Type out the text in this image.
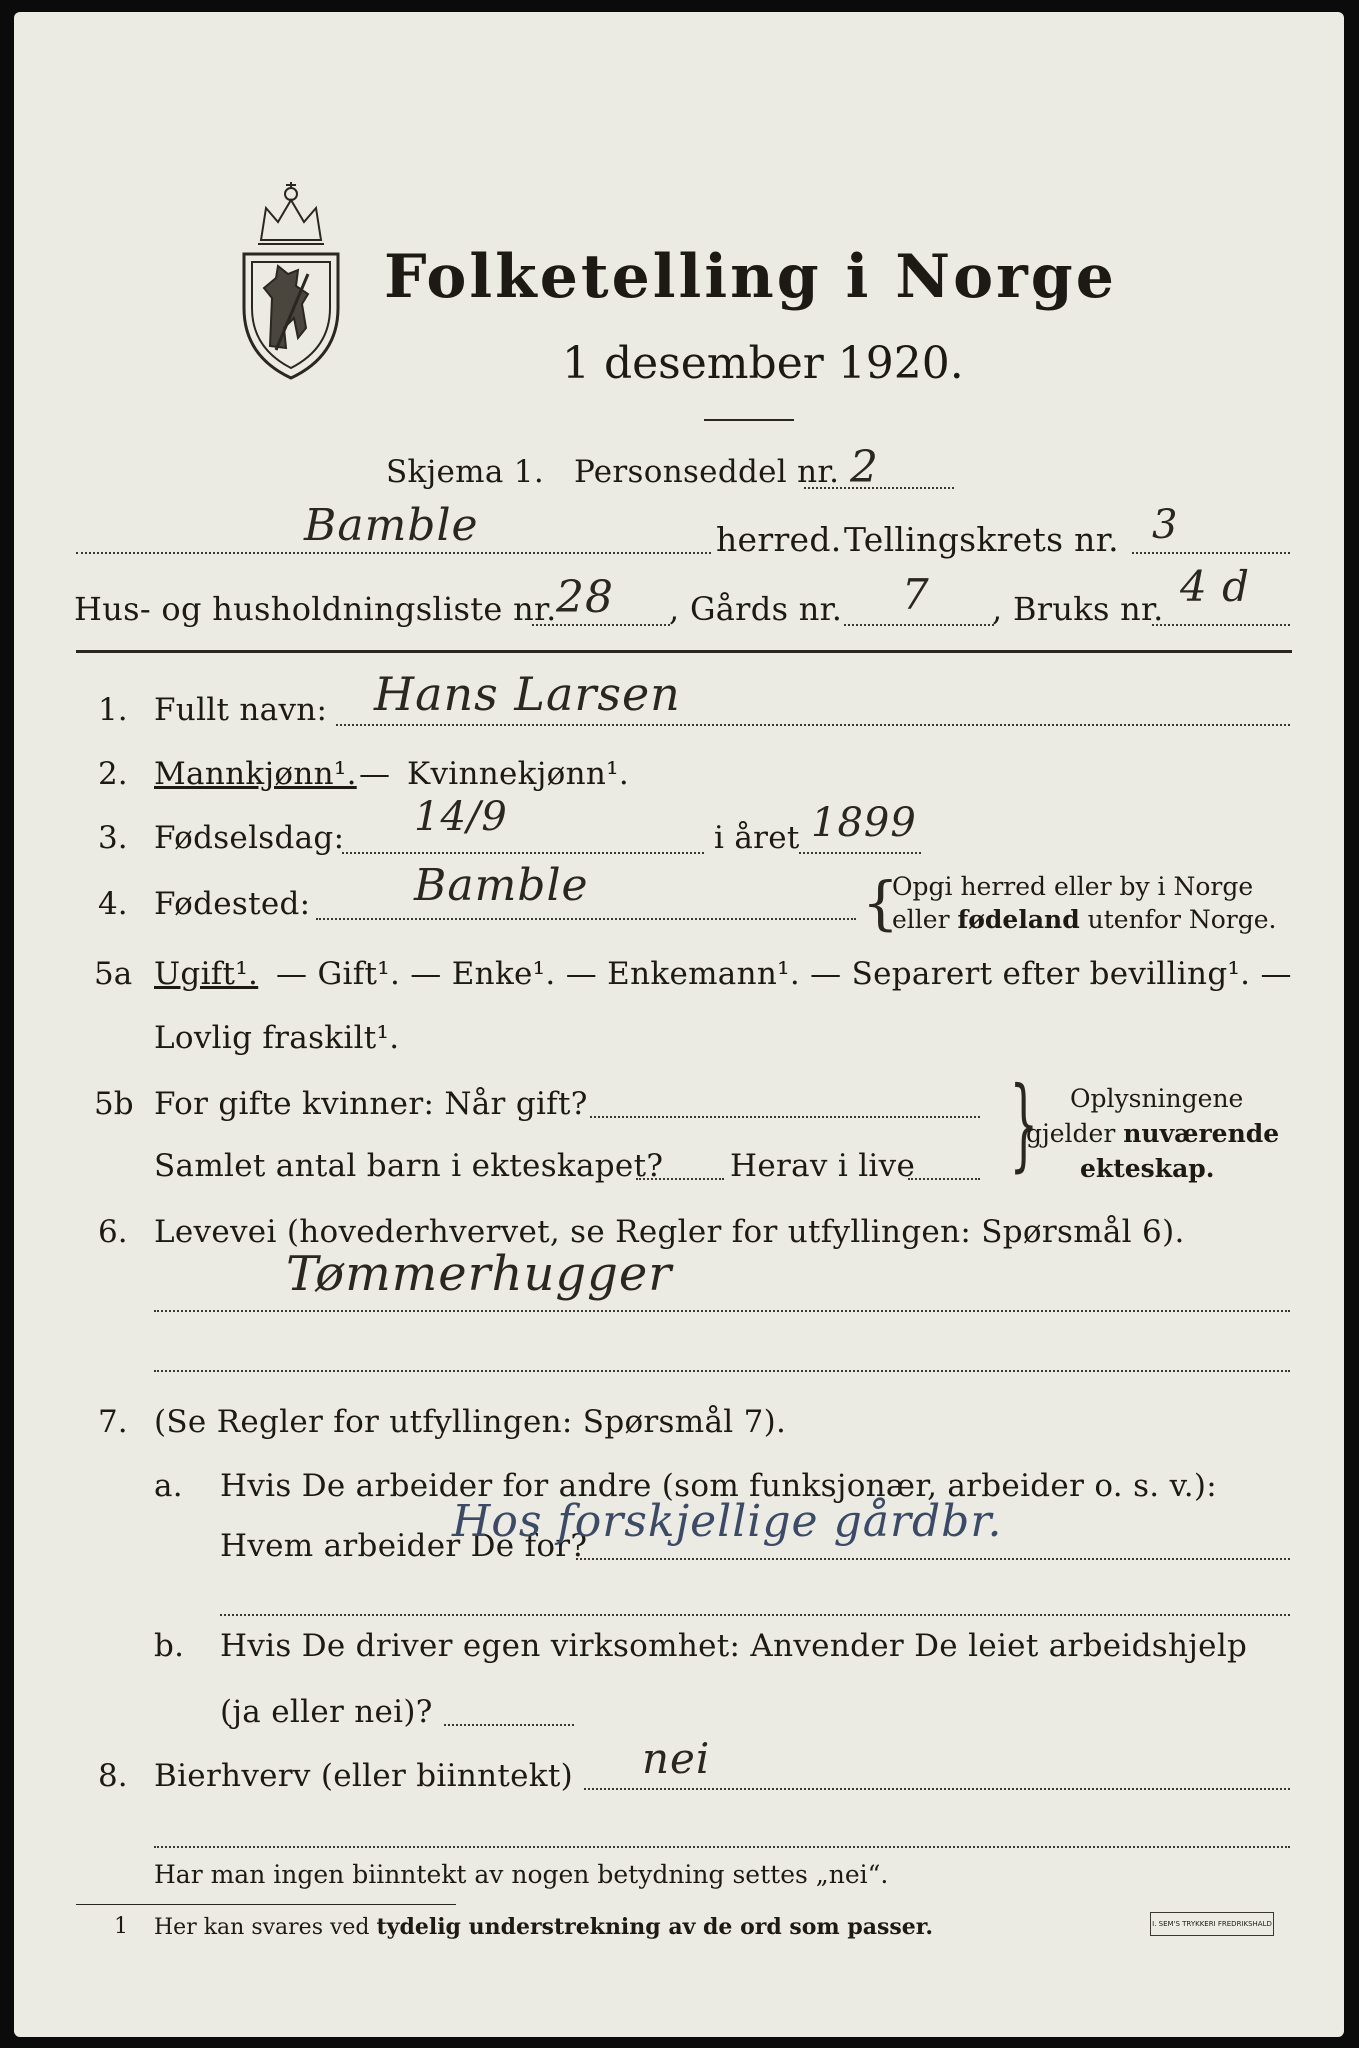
Folketelling i Norge
1 desember 1920.
Skjema 1. Personseddel nr. 2
Bamble	herred. Tellingskrets nr. 3
Hus- og husholdningsliste nr. 28 , Gårds nr. 7 , Bruks nr. 4 d
1. Fullt navn: Hans Larsen
2. Mannkjønn¹. — Kvinnekjønn¹.
3. Fødselsdag: 14/9	i året 1899
4. Fødested: Bamble	{
Opgi herred eller by i Norge
eller fødeland utenfor Norge.
5a Ugift¹. — Gift¹. — Enke¹. — Enkemann¹. — Separert efter bevilling¹. —
Lovlig fraskilt¹.
5b For gifte kvinner: Når gift?
Samlet antal barn i ekteskapet? Herav i live } Oplysningene
gjelder nuværende
ekteskap.
6. Levevei (hovederhvervet, se Regler for utfyllingen: Spørsmål 6).
Tømmerhugger
7. (Se Regler for utfyllingen: Spørsmål 7).
a. Hvis De arbeider for andre (som funksjonær, arbeider o. s. v.):
Hvem arbeider De for?
Hos forskjellige gårdbr.
b. Hvis De driver egen virksomhet: Anvender De leiet arbeidshjelp
(ja eller nei)?
8. Bierhverv (eller biinntekt) nei
Har man ingen biinntekt av nogen betydning settes „nei“.
1 Her kan svares ved tydelig understrekning av de ord som passer.	I. SEM'S TRYKKERI FREDRIKSHALD
